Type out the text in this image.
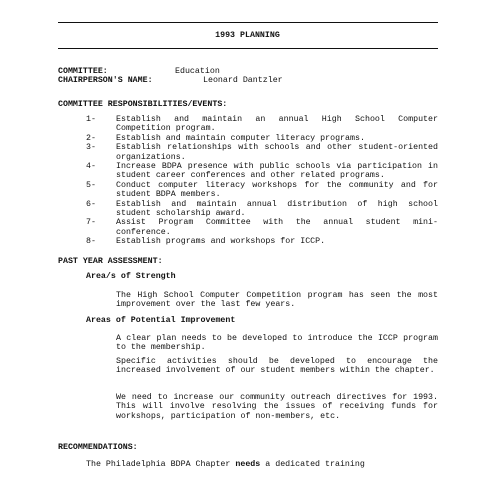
1993 PLANNING
COMMITTEE:	Education
CHAIRPERSON'S NAME:	Leonard Dantzler
COMMITTEE RESPONSIBILITIES/EVENTS:
1-	Establish and maintain an annual High School Computer Competition program.
2-	Establish and maintain computer literacy programs.
3-	Establish relationships with schools and other student-oriented organizations.
4-	Increase BDPA presence with public schools via participation in student career conferences and other related programs.
5-	Conduct computer literacy workshops for the community and for student BDPA members.
6-	Establish and maintain annual distribution of high school student scholarship award.
7-	Assist Program Committee with the annual student mini-conference.
8-	Establish programs and workshops for ICCP.
PAST YEAR ASSESSMENT:
Area/s of Strength
The High School Computer Competition program has seen the most improvement over the last few years.
Areas of Potential Improvement
A clear plan needs to be developed to introduce the ICCP program to the membership.
Specific activities should be developed to encourage the increased involvement of our student members within the chapter.
We need to increase our community outreach directives for 1993. This will involve resolving the issues of receiving funds for workshops, participation of non-members, etc.
RECOMMENDATIONS:
The Philadelphia BDPA Chapter needs a dedicated training
